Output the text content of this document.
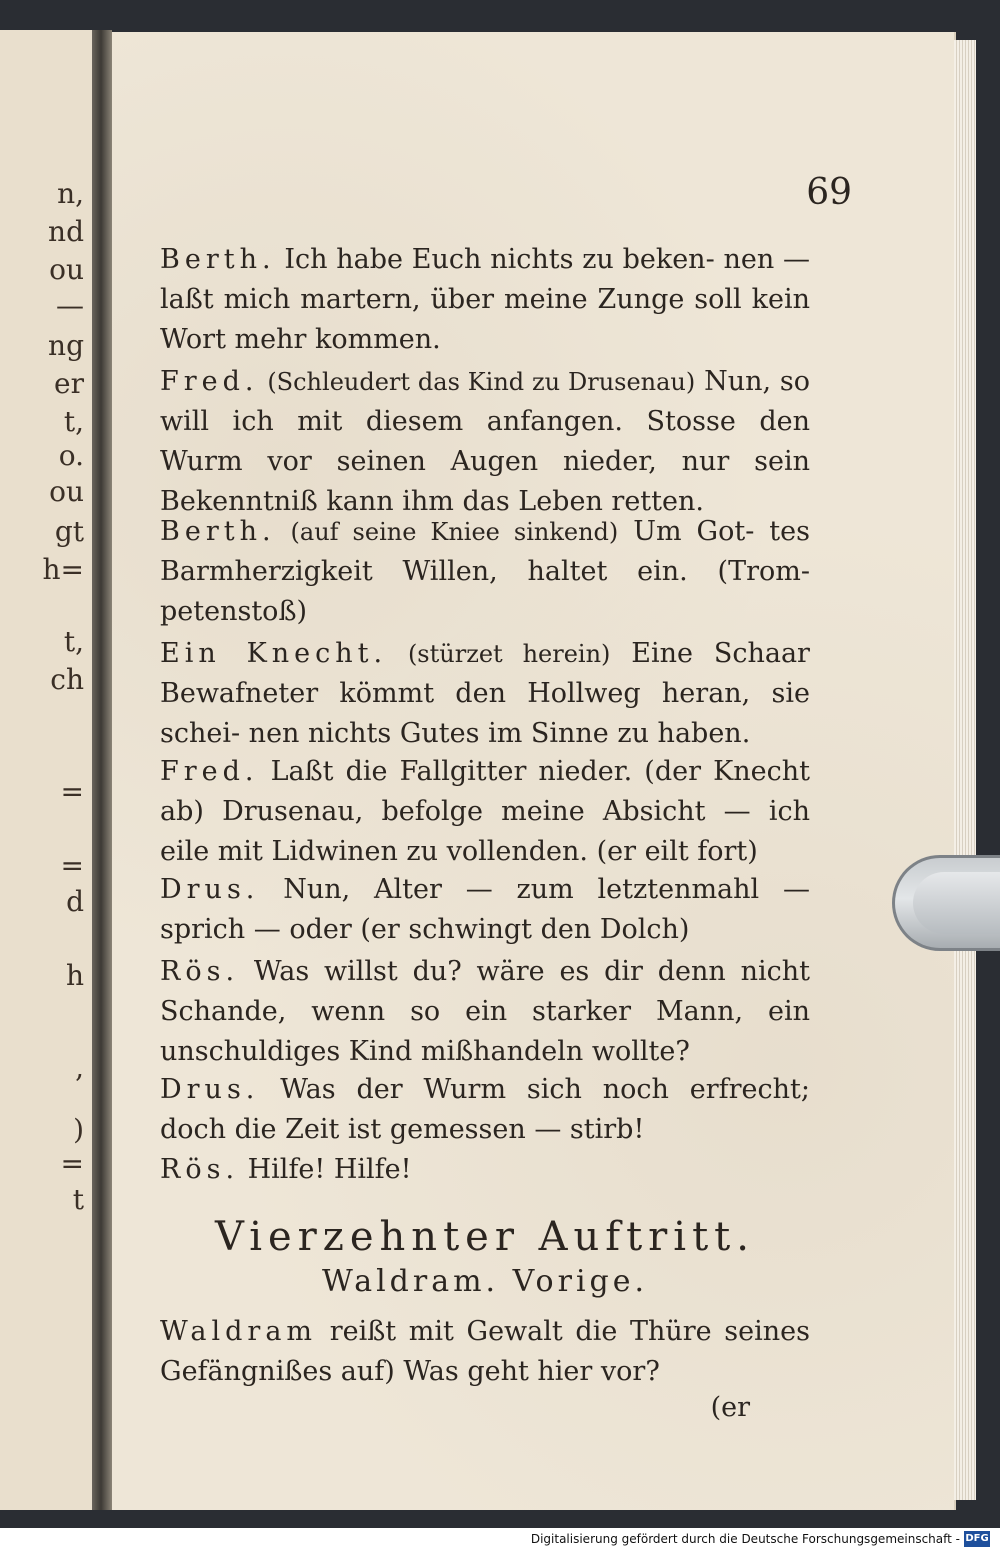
n,
nd
ou
—
ng
er
t,
o.
ou
gt
h=
t,
ch
=
=
d
h
,
)
=
t
69
Berth. Ich habe Euch nichts zu beken- nen — laßt mich martern, über meine Zunge soll kein Wort mehr kommen.
Fred. (Schleudert das Kind zu Drusenau) Nun, so will ich mit diesem anfangen. Stosse den Wurm vor seinen Augen nieder, nur sein Bekenntniß kann ihm das Leben retten.
Berth. (auf seine Kniee sinkend) Um Got- tes Barmherzigkeit Willen, haltet ein. (Trom- petenstoß)
Ein Knecht. (stürzet herein) Eine Schaar Bewafneter kömmt den Hollweg heran, sie schei- nen nichts Gutes im Sinne zu haben.
Fred. Laßt die Fallgitter nieder. (der Knecht ab) Drusenau, befolge meine Absicht — ich eile mit Lidwinen zu vollenden. (er eilt fort)
Drus. Nun, Alter — zum letztenmahl — sprich — oder (er schwingt den Dolch)
Rös. Was willst du? wäre es dir denn nicht Schande, wenn so ein starker Mann, ein unschuldiges Kind mißhandeln wollte?
Drus. Was der Wurm sich noch erfrecht; doch die Zeit ist gemessen — stirb!
Rös. Hilfe! Hilfe!
Vierzehnter Auftritt.
Waldram. Vorige.
Waldram reißt mit Gewalt die Thüre seines Gefängnißes auf) Was geht hier vor?
(er
Digitalisierung gefördert durch die Deutsche Forschungsgemeinschaft - DFG
